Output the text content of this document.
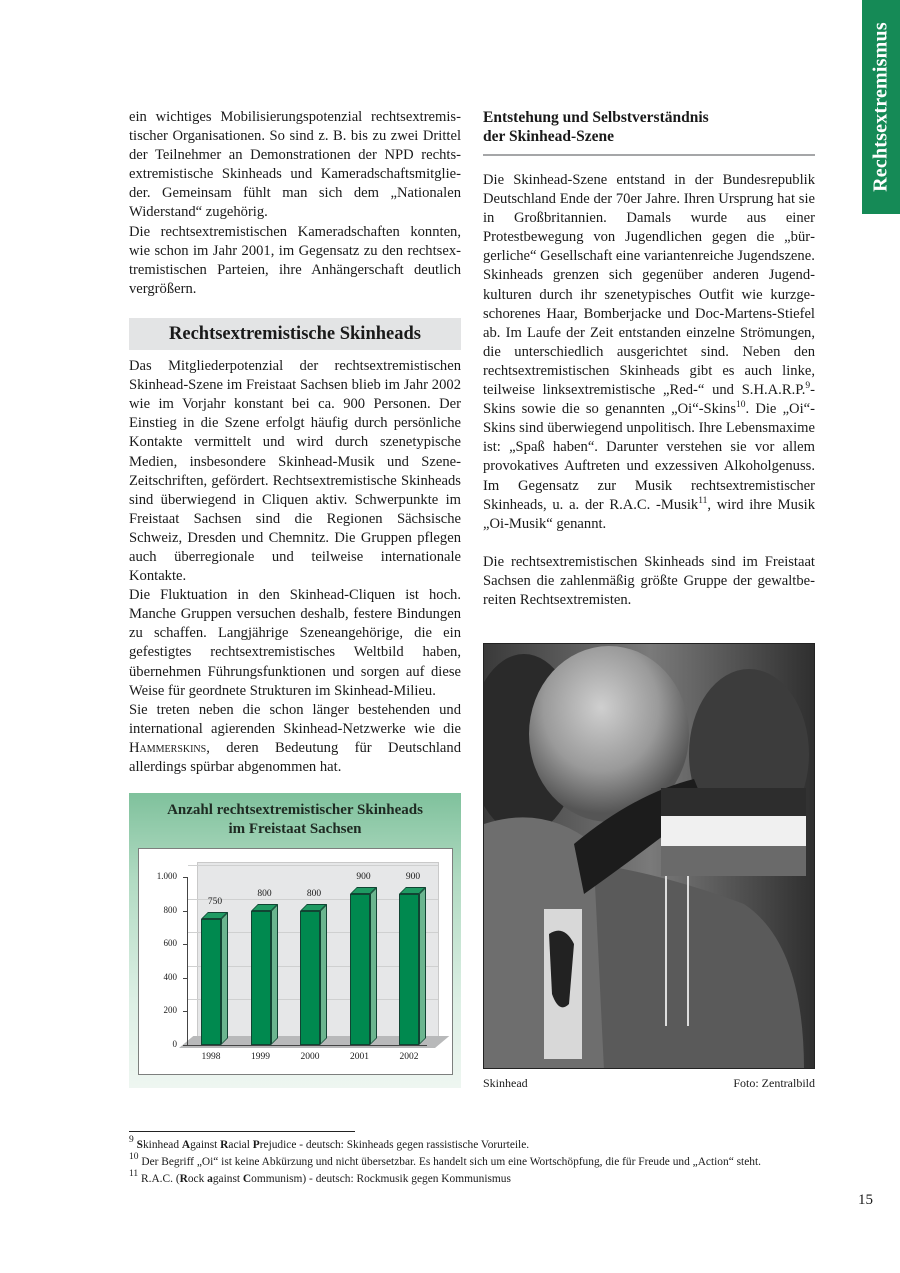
Rechtsextremismus

ein wichtiges Mobilisierungspotenzial rechtsextremistischer Organisationen. So sind z. B. bis zu zwei Drittel der Teilnehmer an Demonstrationen der NPD rechtsextremistische Skinheads und Kameradschaftsmitglieder. Gemeinsam fühlt man sich dem „Nationalen Widerstand“ zugehörig.

Die rechtsextremistischen Kameradschaften konnten, wie schon im Jahr 2001, im Gegensatz zu den rechtsextremistischen Parteien, ihre Anhängerschaft deutlich vergrößern.

Rechtsextremistische Skinheads

Das Mitgliederpotenzial der rechtsextremistischen Skinhead-Szene im Freistaat Sachsen blieb im Jahr 2002 wie im Vorjahr konstant bei ca. 900 Personen. Der Einstieg in die Szene erfolgt häufig durch persönliche Kontakte vermittelt und wird durch szenetypische Medien, insbesondere Skinhead-Musik und Szene-Zeitschriften, gefördert. Rechtsextremistische Skinheads sind überwiegend in Cliquen aktiv. Schwerpunkte im Freistaat Sachsen sind die Regionen Sächsische Schweiz, Dresden und Chemnitz. Die Gruppen pflegen auch überregionale und teilweise internationale Kontakte.

Die Fluktuation in den Skinhead-Cliquen ist hoch. Manche Gruppen versuchen deshalb, festere Bindungen zu schaffen. Langjährige Szeneangehörige, die ein gefestigtes rechtsextremistisches Weltbild haben, übernehmen Führungsfunktionen und sorgen auf diese Weise für geordnete Strukturen im Skinhead-Milieu.

Sie treten neben die schon länger bestehenden und international agierenden Skinhead-Netzwerke wie die Hammerskins, deren Bedeutung für Deutschland allerdings spürbar abgenommen hat.

Entstehung und Selbstverständnis
der Skinhead-Szene

Die Skinhead-Szene entstand in der Bundesrepublik Deutschland Ende der 70er Jahre. Ihren Ursprung hat sie in Großbritannien. Damals wurde aus einer Protestbewegung von Jugendlichen gegen die „bürgerliche“ Gesellschaft eine variantenreiche Jugendszene.

Skinheads grenzen sich gegenüber anderen Jugendkulturen durch ihr szenetypisches Outfit wie kurzgeschorenes Haar, Bomberjacke und Doc-Martens-Stiefel ab. Im Laufe der Zeit entstanden einzelne Strömungen, die unterschiedlich ausgerichtet sind. Neben den rechtsextremistischen Skinheads gibt es auch linke, teilweise linksextremistische „Red-“ und S.H.A.R.P.$^9$-Skins sowie die so genannten „Oi“-Skins$^{10}$. Die „Oi“-Skins sind überwiegend unpolitisch. Ihre Lebensmaxime ist: „Spaß haben“. Darunter verstehen sie vor allem provokatives Auftreten und exzessiven Alkoholgenuss. Im Gegensatz zur Musik rechtsextremistischer Skinheads, u. a. der R.A.C. -Musik$^{11}$, wird ihre Musik „Oi-Musik“ genannt.

Die rechtsextremistischen Skinheads sind im Freistaat Sachsen die zahlenmäßig größte Gruppe der gewaltbereiten Rechtsextremisten.

Anzahl rechtsextremistischer Skinheads
im Freistaat Sachsen
0
200
400
600
800
1.000
750
1998
800
1999
800
2000
900
2001
900
2002
Skinhead	Foto: Zentralbild
$^9$ Skinhead Against Racial Prejudice - deutsch: Skinheads gegen rassistische Vorurteile.
$^{10}$ Der Begriff „Oi“ ist keine Abkürzung und nicht übersetzbar. Es handelt sich um eine Wortschöpfung, die für Freude und „Action“ steht.
$^{11}$ R.A.C. (Rock against Communism) - deutsch: Rockmusik gegen Kommunismus
15
